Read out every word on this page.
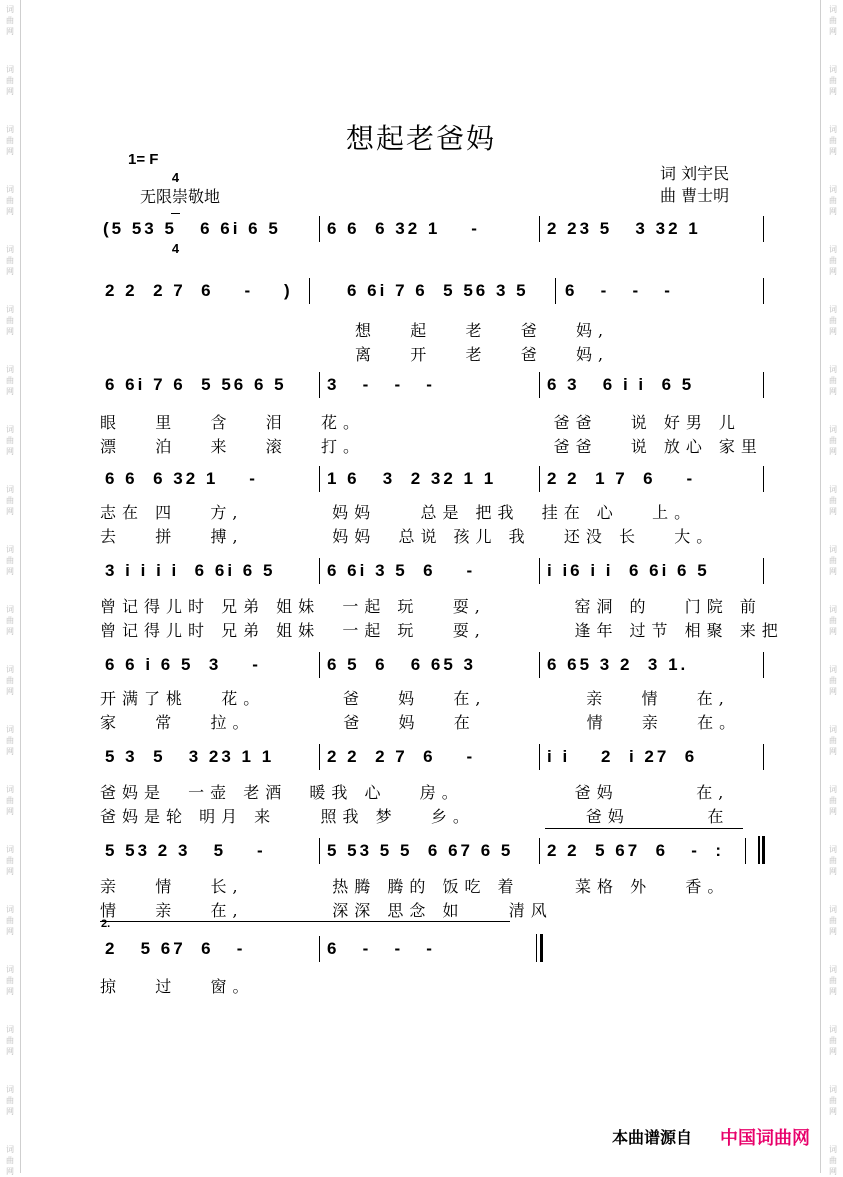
词
曲
网
词
曲
网
词
曲
网
词
曲
网
词
曲
网
词
曲
网
词
曲
网
词
曲
网
词
曲
网
词
曲
网
词
曲
网
词
曲
网
词
曲
网
词
曲
网
词
曲
网
词
曲
网
词
曲
网
词
曲
网
词
曲
网
词
曲
网
词
曲
网
词
曲
网
词
曲
网
词
曲
网
词
曲
网
词
曲
网
词
曲
网
词
曲
网
词
曲
网
词
曲
网
词
曲
网
词
曲
网
词
曲
网
词
曲
网
词
曲
网
词
曲
网
词
曲
网
词
曲
网
词
曲
网
词
曲
网
想起老爸妈
1= F

4

4

无限崇敬地
词 刘宇民
曲 曹士明
(5 53 5   6 6i 6 5	6 6  6 32 1    -	2 23 5   3 32 1
2 2  2 7  6    -    )	6 6i 7 6  5 56 3 5 6   -   -   -
想   起   老   爸   妈,
离   开   老   爸   妈,
6 6i 7 6  5 56 6 5 3   -   -   -	6 3   6 i i  6 5
眼   里   含   泪   花。                 爸爸   说 好男 儿
漂   泊   来   滚   打。                 爸爸   说 放心 家里
6 6  6 32 1    -	1 6   3  2 32 1 1	2 2  1 7  6    -
志在 四   方,        妈妈    总是 把我  挂在 心   上。
去   拼   搏,        妈妈  总说 孩儿 我   还没 长   大。
3 i i i i  6 6i 6 5	6 6i 3 5  6    -	i i6 i i  6 6i 6 5
曾记得儿时 兄弟 姐妹  一起 玩   耍,        窑洞 的   门院 前
曾记得儿时 兄弟 姐妹  一起 玩   耍,        逢年 过节 相聚 来把
6 6 i 6 5  3    -	6 5  6   6 65 3	6 65 3 2  3 1.
开满了桃   花。       爸   妈   在,         亲   情   在,
家   常   拉。        爸   妈   在          情   亲   在。
5 3  5   3 23 1 1	2 2  2 7  6    -	i i    2  i 27  6
爸妈是  一壶 老酒  暖我 心   房。          爸妈       在,
爸妈是轮 明月 来    照我 梦   乡。          爸妈       在
5 53 2 3   5    -	5 53 5 5  6 67 6 5 2 2  5 67  6   -  :
亲   情   长,        热腾 腾的 饭吃 着     菜格 外   香。
情   亲   在,        深深 思念 如    清风
2   5 67  6   -	6   -   -   -
掠   过   窗。
2.
本曲谱源自 中国词曲网
